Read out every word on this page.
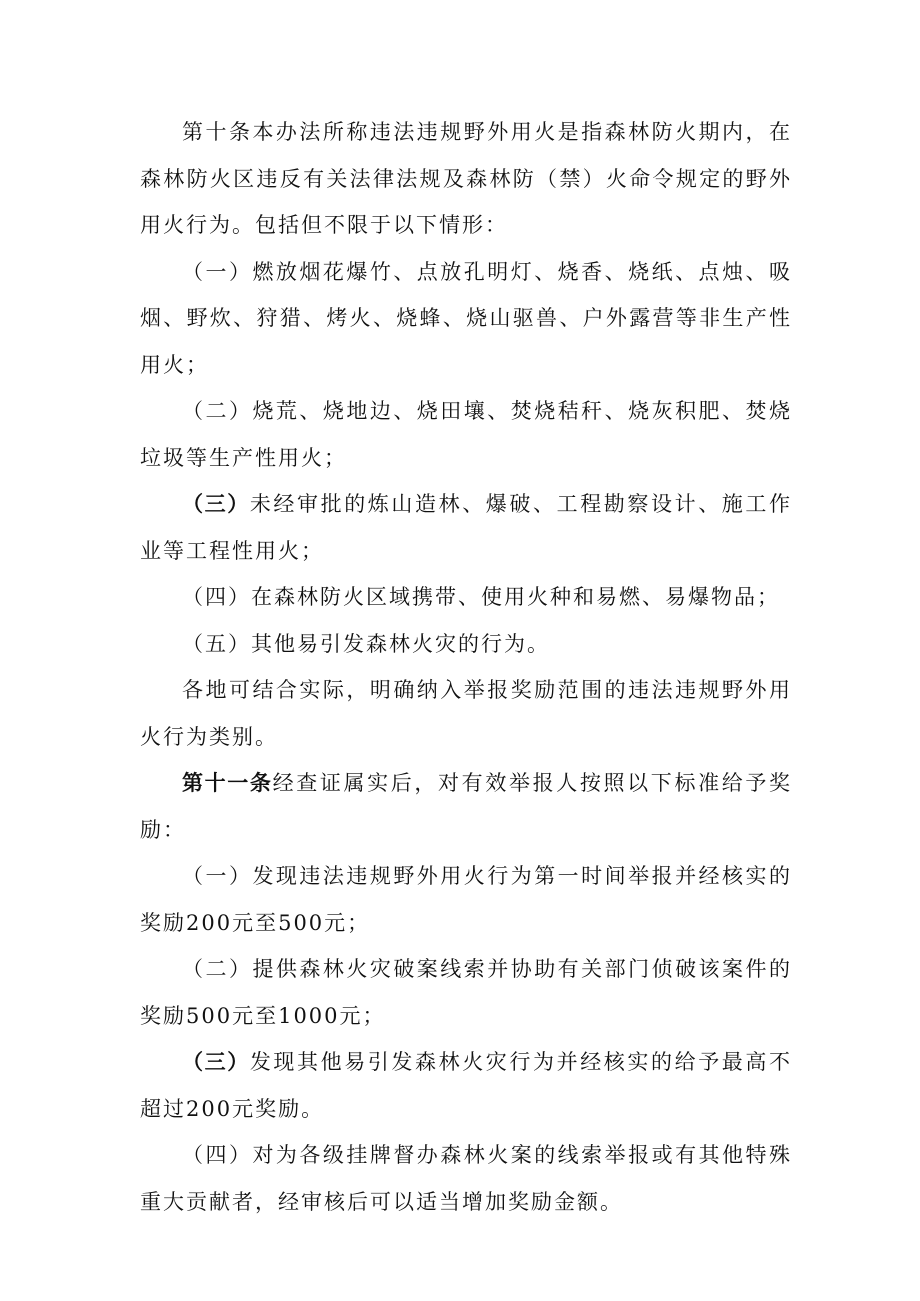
第十条本办法所称违法违规野外用火是指森林防火期内，在森林防火区违反有关法律法规及森林防（禁）火命令规定的野外用火行为。包括但不限于以下情形：

（一）燃放烟花爆竹、点放孔明灯、烧香、烧纸、点烛、吸烟、野炊、狩猎、烤火、烧蜂、烧山驱兽、户外露营等非生产性用火；

（二）烧荒、烧地边、烧田壤、焚烧秸秆、烧灰积肥、焚烧垃圾等生产性用火；

（三）未经审批的炼山造林、爆破、工程勘察设计、施工作业等工程性用火；

（四）在森林防火区域携带、使用火种和易燃、易爆物品；

（五）其他易引发森林火灾的行为。

各地可结合实际，明确纳入举报奖励范围的违法违规野外用火行为类别。

第十一条经查证属实后，对有效举报人按照以下标准给予奖励：

（一）发现违法违规野外用火行为第一时间举报并经核实的奖励200元至500元；

（二）提供森林火灾破案线索并协助有关部门侦破该案件的奖励500元至1000元；

（三）发现其他易引发森林火灾行为并经核实的给予最高不超过200元奖励。

（四）对为各级挂牌督办森林火案的线索举报或有其他特殊重大贡献者，经审核后可以适当增加奖励金额。
